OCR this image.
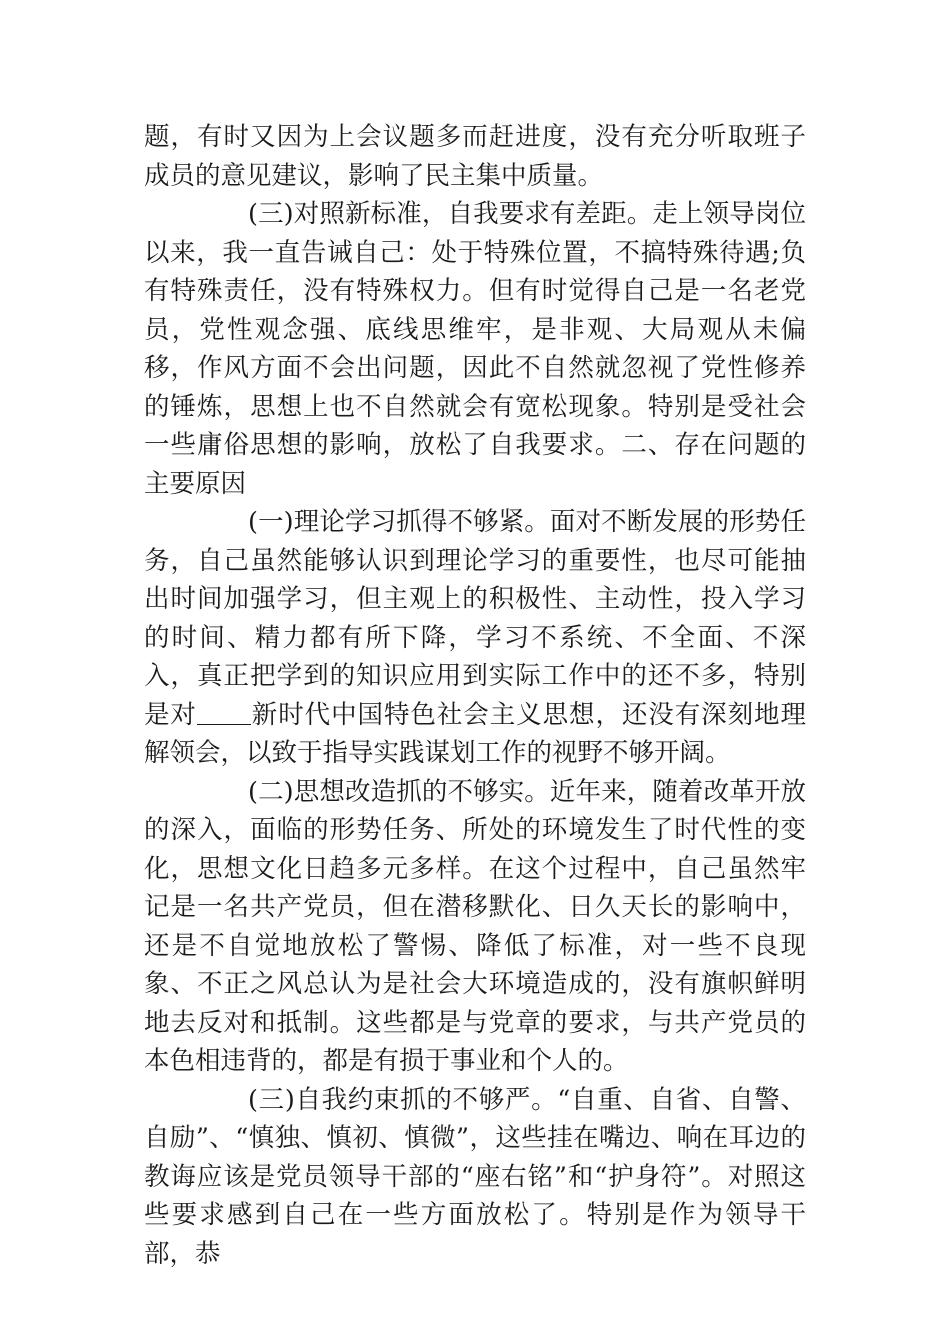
题，有时又因为上会议题多而赶进度，没有充分听取班子成员的意见建议，影响了民主集中质量。

(三)对照新标准，自我要求有差距。走上领导岗位以来，我一直告诫自己：处于特殊位置，不搞特殊待遇;负有特殊责任，没有特殊权力。但有时觉得自己是一名老党员，党性观念强、底线思维牢，是非观、大局观从未偏移，作风方面不会出问题，因此不自然就忽视了党性修养的锤炼，思想上也不自然就会有宽松现象。特别是受社会一些庸俗思想的影响，放松了自我要求。二、存在问题的主要原因

(一)理论学习抓得不够紧。面对不断发展的形势任务，自己虽然能够认识到理论学习的重要性，也尽可能抽出时间加强学习，但主观上的积极性、主动性，投入学习的时间、精力都有所下降，学习不系统、不全面、不深入，真正把学到的知识应用到实际工作中的还不多，特别是对 新时代中国特色社会主义思想，还没有深刻地理解领会，以致于指导实践谋划工作的视野不够开阔。

(二)思想改造抓的不够实。近年来，随着改革开放的深入，面临的形势任务、所处的环境发生了时代性的变化，思想文化日趋多元多样。在这个过程中，自己虽然牢记是一名共产党员，但在潜移默化、日久天长的影响中，还是不自觉地放松了警惕、降低了标准，对一些不良现象、不正之风总认为是社会大环境造成的，没有旗帜鲜明地去反对和抵制。这些都是与党章的要求，与共产党员的本色相违背的，都是有损于事业和个人的。

(三)自我约束抓的不够严。“自重、自省、自警、自励”、“慎独、慎初、慎微”，这些挂在嘴边、响在耳边的教诲应该是党员领导干部的“座右铭”和“护身符”。对照这些要求感到自己在一些方面放松了。特别是作为领导干部，恭
